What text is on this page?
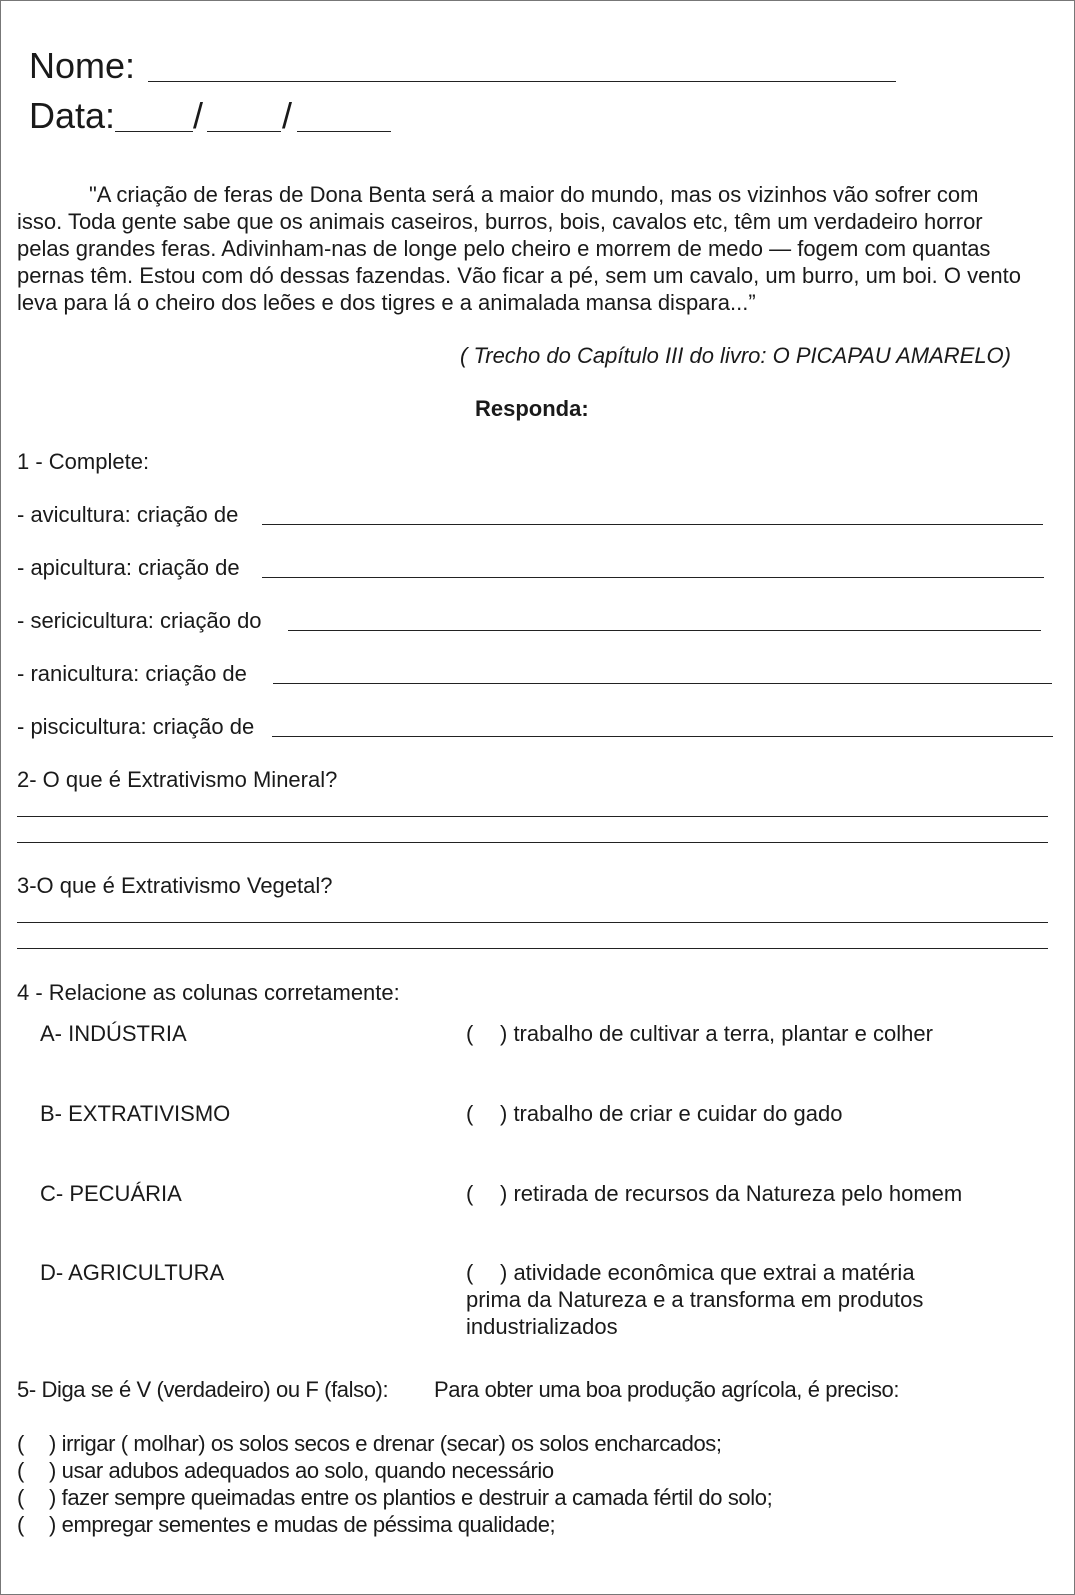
Nome:
Data: / /
"A criação de feras de Dona Benta será a maior do mundo, mas os vizinhos vão sofrer com
isso. Toda gente sabe que os animais caseiros, burros, bois, cavalos etc, têm um verdadeiro horror
pelas grandes feras. Adivinham-nas de longe pelo cheiro e morrem de medo — fogem com quantas
pernas têm. Estou com dó dessas fazendas. Vão ficar a pé, sem um cavalo, um burro, um boi. O vento
leva para lá o cheiro dos leões e dos tigres e a animalada mansa dispara...”
( Trecho do Capítulo III do livro: O PICAPAU AMARELO)
Responda:
1 - Complete:
- avicultura: criação de
- apicultura: criação de
- sericicultura: criação do
- ranicultura: criação de
- piscicultura: criação de
2- O que é Extrativismo Mineral?
3-O que é Extrativismo Vegetal?
4 - Relacione as colunas corretamente:
A- INDÚSTRIA
B- EXTRATIVISMO
C- PECUÁRIA
D- AGRICULTURA
( ) trabalho de cultivar a terra, plantar e colher
( ) trabalho de criar e cuidar do gado
( ) retirada de recursos da Natureza pelo homem
( ) atividade econômica que extrai a matéria
prima da Natureza e a transforma em produtos
industrializados
5- Diga se é V (verdadeiro) ou F (falso): Para obter uma boa produção agrícola, é preciso:
( ) irrigar ( molhar) os solos secos e drenar (secar) os solos encharcados;
( ) usar adubos adequados ao solo, quando necessário
( ) fazer sempre queimadas entre os plantios e destruir a camada fértil do solo;
( ) empregar sementes e mudas de péssima qualidade;
